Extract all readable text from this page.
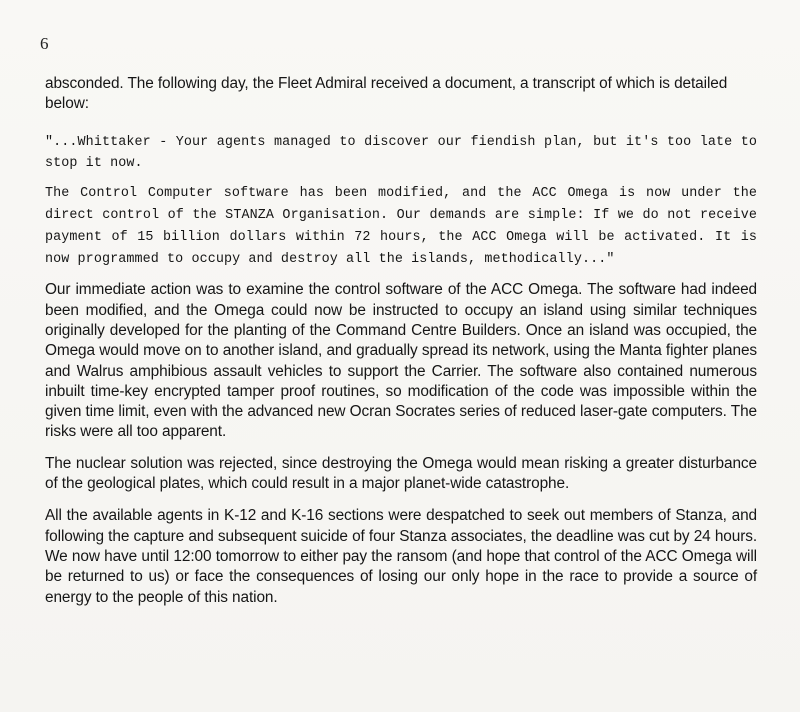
6

absconded. The following day, the Fleet Admiral received a document, a transcript of which is detailed below:

"...Whittaker - Your agents managed to discover our fiendish plan, but it's too late to stop it now.

The Control Computer software has been modified, and the ACC Omega is now under the direct control of the STANZA Organisation. Our demands are simple: If we do not receive payment of 15 billion dollars within 72 hours, the ACC Omega will be activated. It is now programmed to occupy and destroy all the islands, methodically..."

Our immediate action was to examine the control software of the ACC Omega. The software had indeed been modified, and the Omega could now be instructed to occupy an island using similar techniques originally developed for the planting of the Command Centre Builders. Once an island was occupied, the Omega would move on to another island, and gradually spread its network, using the Manta fighter planes and Walrus amphibious assault vehicles to support the Carrier. The software also contained numerous inbuilt time-key encrypted tamper proof routines, so modification of the code was impossible within the given time limit, even with the advanced new Ocran Socrates series of reduced laser-gate computers. The risks were all too apparent.

The nuclear solution was rejected, since destroying the Omega would mean risking a greater disturbance of the geological plates, which could result in a major planet-wide catastrophe.

All the available agents in K-12 and K-16 sections were despatched to seek out members of Stanza, and following the capture and subsequent suicide of four Stanza associates, the deadline was cut by 24 hours. We now have until 12:00 tomorrow to either pay the ransom (and hope that control of the ACC Omega will be returned to us) or face the consequences of losing our only hope in the race to provide a source of energy to the people of this nation.
